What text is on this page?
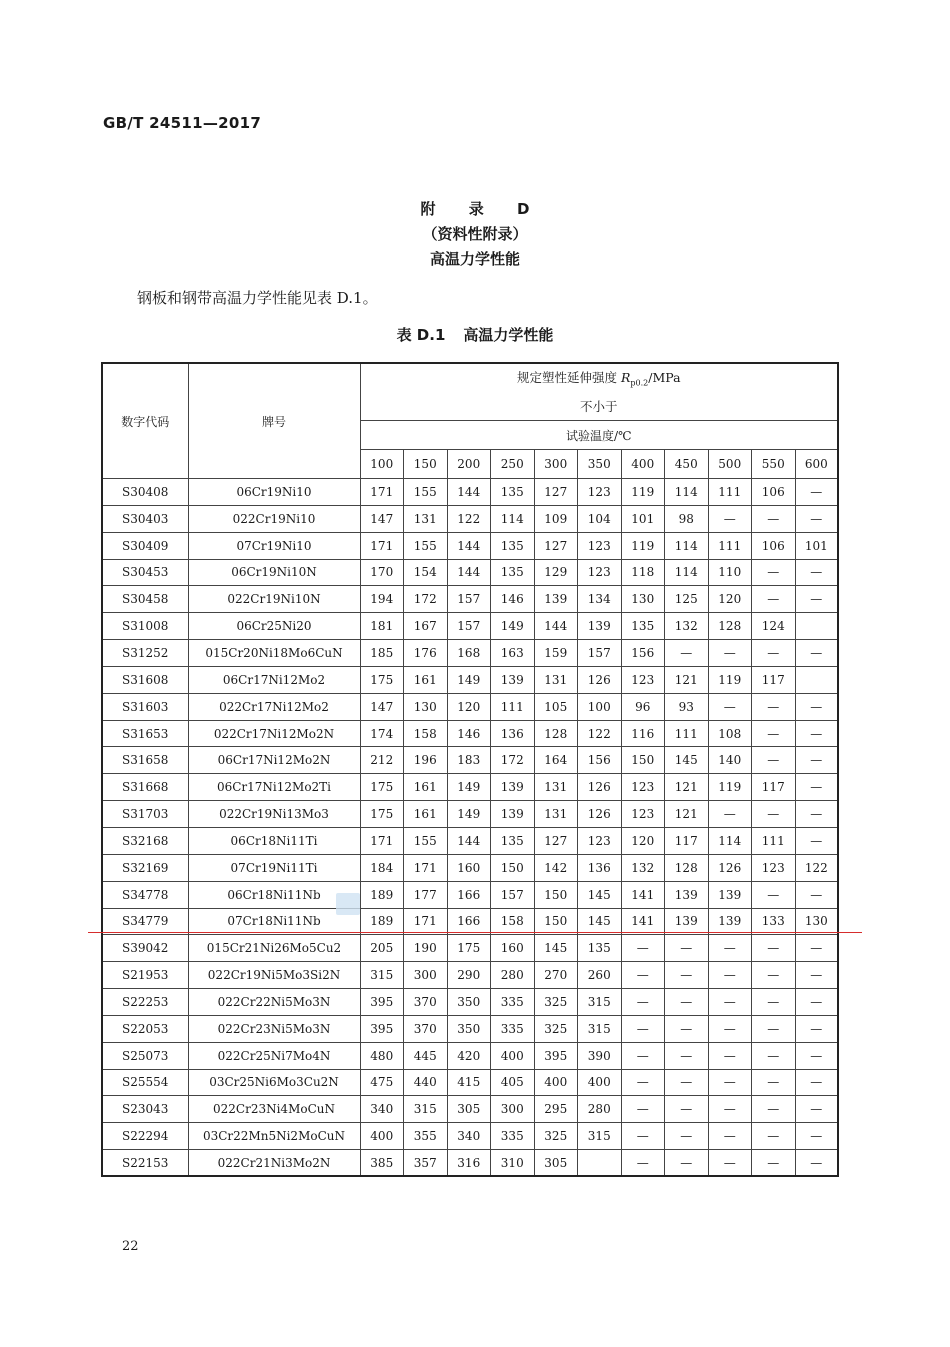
GB/T 24511—2017
附 录 D
（资料性附录）
高温力学性能
钢板和钢带高温力学性能见表 D.1。
表 D.1 高温力学性能
数字代码	牌号	规定塑性延伸强度 $R_{p0.2}$/MPa
不小于										
		试验温度/℃										
		100	150	200	250	300	350	400	450	500	550	600
S30408	06Cr19Ni10	171	155	144	135	127	123	119	114	111	106	—
S30403	022Cr19Ni10	147	131	122	114	109	104	101	98	—	—	—
S30409	07Cr19Ni10	171	155	144	135	127	123	119	114	111	106	101
S30453	06Cr19Ni10N	170	154	144	135	129	123	118	114	110	—	—
S30458	022Cr19Ni10N	194	172	157	146	139	134	130	125	120	—	—
S31008	06Cr25Ni20	181	167	157	149	144	139	135	132	128	124	
S31252	015Cr20Ni18Mo6CuN	185	176	168	163	159	157	156	—	—	—	—
S31608	06Cr17Ni12Mo2	175	161	149	139	131	126	123	121	119	117	
S31603	022Cr17Ni12Mo2	147	130	120	111	105	100	96	93	—	—	—
S31653	022Cr17Ni12Mo2N	174	158	146	136	128	122	116	111	108	—	—
S31658	06Cr17Ni12Mo2N	212	196	183	172	164	156	150	145	140	—	—
S31668	06Cr17Ni12Mo2Ti	175	161	149	139	131	126	123	121	119	117	—
S31703	022Cr19Ni13Mo3	175	161	149	139	131	126	123	121	—	—	—
S32168	06Cr18Ni11Ti	171	155	144	135	127	123	120	117	114	111	—
S32169	07Cr19Ni11Ti	184	171	160	150	142	136	132	128	126	123	122
S34778	06Cr18Ni11Nb	189	177	166	157	150	145	141	139	139	—	—
S34779	07Cr18Ni11Nb	189	171	166	158	150	145	141	139	139	133	130
S39042	015Cr21Ni26Mo5Cu2	205	190	175	160	145	135	—	—	—	—	—
S21953	022Cr19Ni5Mo3Si2N	315	300	290	280	270	260	—	—	—	—	—
S22253	022Cr22Ni5Mo3N	395	370	350	335	325	315	—	—	—	—	—
S22053	022Cr23Ni5Mo3N	395	370	350	335	325	315	—	—	—	—	—
S25073	022Cr25Ni7Mo4N	480	445	420	400	395	390	—	—	—	—	—
S25554	03Cr25Ni6Mo3Cu2N	475	440	415	405	400	400	—	—	—	—	—
S23043	022Cr23Ni4MoCuN	340	315	305	300	295	280	—	—	—	—	—
S22294	03Cr22Mn5Ni2MoCuN	400	355	340	335	325	315	—	—	—	—	—
S22153	022Cr21Ni3Mo2N	385	357	316	310	305		—	—	—	—	—
22
